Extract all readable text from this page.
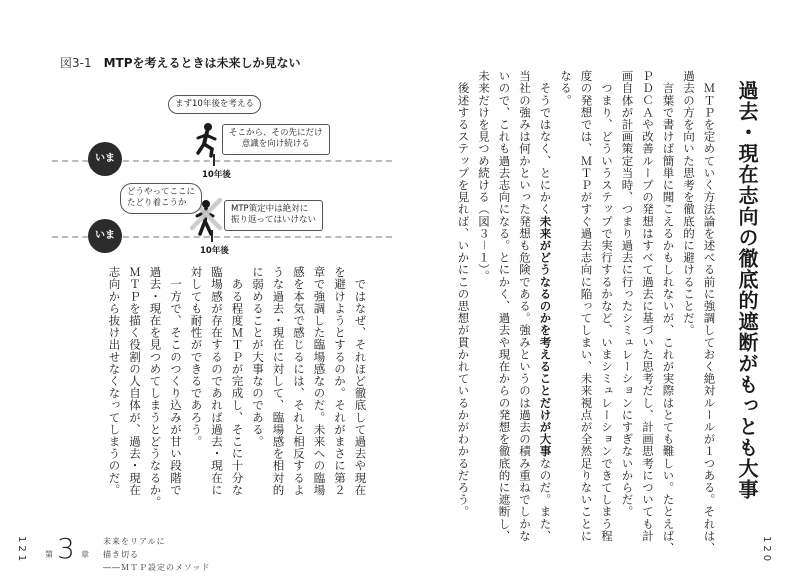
過去・現在志向の徹底的遮断がもっとも大事
　ＭＴＰを定めていく方法論を述べる前に強調しておく絶対ルールが１つある。それは、
過去の方を向いた思考を徹底的に避けることだ。
　言葉で書けば簡単に聞こえるかもしれないが、これが実際はとても難しい。たとえば、
ＰＤＣＡや改善ループの発想はすべて過去に基づいた思考だし、計画思考についても計
画自体が計画策定当時、つまり過去に行ったシミュレーションにすぎないからだ。
　つまり、どういうステップで実行するかなど、いまシミュレーションできてしまう程
度の発想では、ＭＴＰがすぐ過去志向に陥ってしまい、未来視点が全然足りないことに
なる。
　そうではなく、とにかく未来がどうなるのかを考えることだけが大事なのだ。また、
当社の強みは何かといった発想も危険である。強みというのは過去の積み重ねでしかな
いので、これも過去志向になる。とにかく、過去や現在からの発想を徹底的に遮断し、
未来だけを見つめ続ける（図３－１）。
　後述するステップを見れば、いかにこの思想が貫かれているかがわかるだろう。
120
図3-1 MTPを考えるときは未来しか見ない
いま
10年後
まず10年後を考える
そこから、その先にだけ
意識を向け続ける
いま
10年後
どうやってここに
たどり着こうか
MTP策定中は絶対に
振り返ってはいけない
　ではなぜ、それほど徹底して過去や現在
を避けようとするのか。それがまさに第２
章で強調した臨場感なのだ。未来への臨場
感を本気で感じるには、それと相反するよ
うな過去・現在に対して、臨場感を相対的
に弱めることが大事なのである。
　ある程度ＭＴＰが完成し、そこに十分な
臨場感が存在するのであれば過去・現在に
対しても耐性ができるであろう。
　一方で、そこのつくり込みが甘い段階で
過去・現在を見つめてしまうとどうなるか。
ＭＴＰを描く役割の人自体が、過去・現在
志向から抜け出せなくなってしまうのだ。
121 第 3 章
未来をリアルに
描き切る
――ＭＴＰ設定のメソッド
